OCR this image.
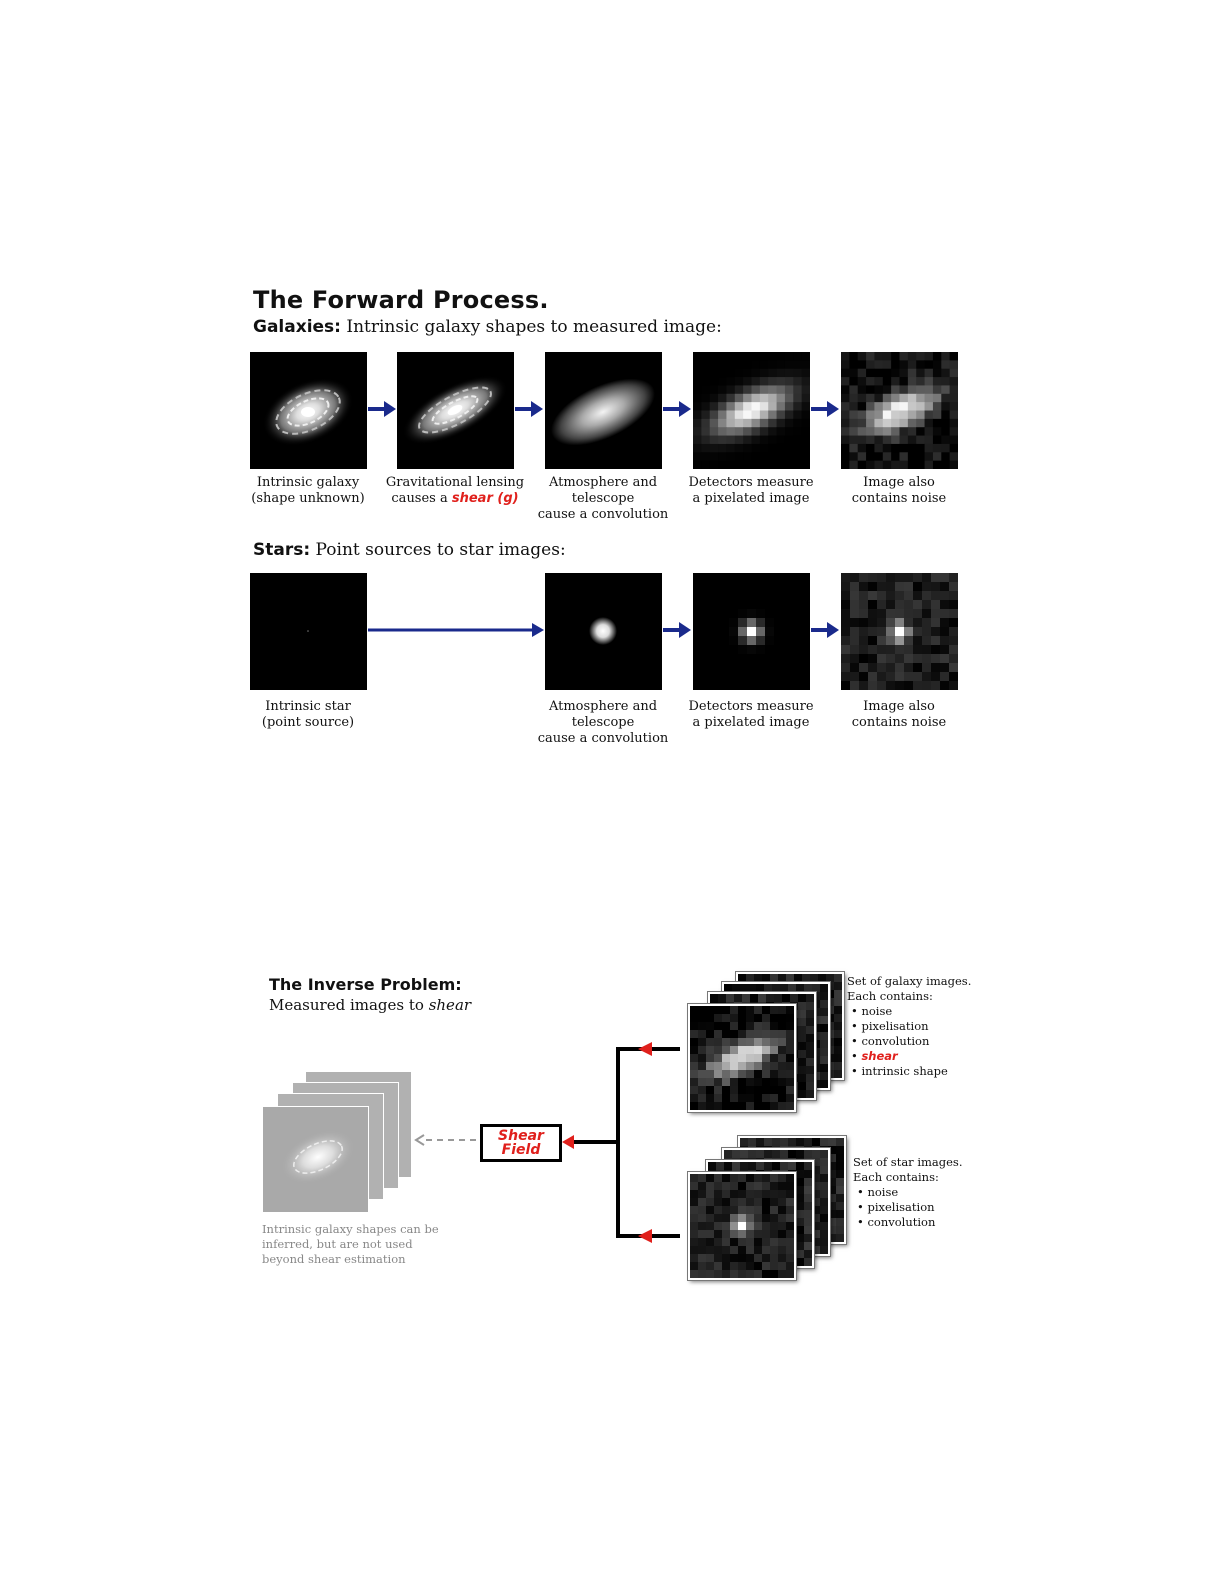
The Forward Process.
Galaxies: Intrinsic galaxy shapes to measured image:
Intrinsic galaxy
(shape unknown)
Gravitational lensing
causes a shear (g)
Atmosphere and telescope
cause a convolution
Detectors measure
a pixelated image
Image also
contains noise
Stars: Point sources to star images:
Intrinsic star
(point source)
Atmosphere and telescope
cause a convolution
Detectors measure
a pixelated image
Image also
contains noise
The Inverse Problem:
Measured images to shear
Intrinsic galaxy shapes can be
inferred, but are not used
beyond shear estimation
Shear
Field
Set of galaxy images.
Each contains:
• noise
• pixelisation
• convolution
• shear
• intrinsic shape
Set of star images.
Each contains:
• noise
• pixelisation
• convolution
